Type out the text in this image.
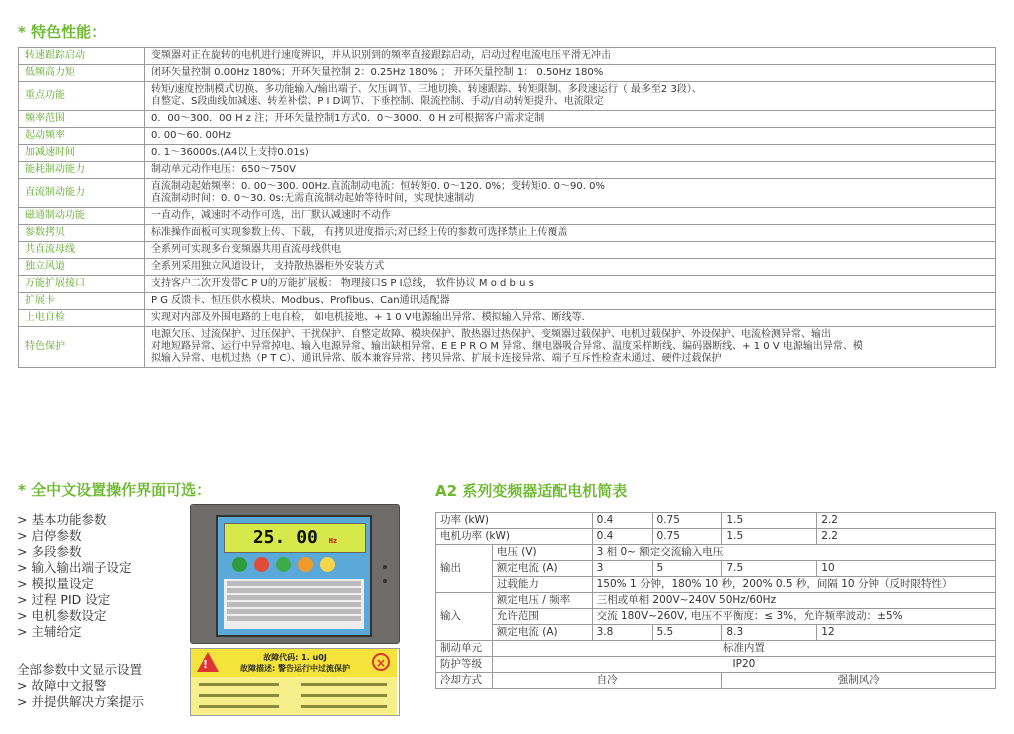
* 特色性能：
转速跟踪启动	变频器对正在旋转的电机进行速度辨识，并从识别到的频率直接跟踪启动，启动过程电流电压平滑无冲击

低频高力矩	闭环矢量控制 0.00Hz 180%；开环矢量控制 2：0.25Hz 180% ； 开环矢量控制 1： 0.50Hz 180%

重点功能	转矩/速度控制模式切换、多功能输入/输出端子、欠压调节、三地切换、转速跟踪、转矩限制、多段速运行（ 最多至2 3段）、
自整定、S段曲线加减速、转差补偿、P I D调节、下垂控制、限流控制、手动/自动转矩提升、电流限定

频率范围	0．00～300．00 H z 注；开环矢量控制1方式0．0～3000．0 H z可根据客户需求定制

起动频率	0. 00～60. 00Hz

加减速时间	0. 1～36000s.(A4以上支持0.01s)

能耗制动能力	制动单元动作电压：650～750V

直流制动能力	直流制动起始频率：0. 00～300. 00Hz.直流制动电流：恒转矩0. 0～120. 0%；变转矩0. 0～90. 0%
直流制动时间：0. 0～30. 0s:无需直流制动起始等待时间，实现快速制动

磁通制动功能	一直动作，减速时不动作可选，出厂默认减速时不动作

参数拷贝	标准操作面板可实现参数上传、下载， 有拷贝进度指示;对已经上传的参数可选择禁止上传覆盖

共直流母线	全系列可实现多台变频器共用直流母线供电

独立风道	全系列采用独立风道设计， 支持散热器柜外安装方式

万能扩展接口	支持客户二次开发带C P U的万能扩展板： 物理接口S P I总线， 软件协议 M o d b u s

扩展卡	P G 反馈卡、恒压供水模块、Modbus、Profibus、Can通讯适配器

上电自检	实现对内部及外围电路的上电自检， 如电机接地、+ 1 0 V电源输出异常、模拟输入异常、断线等.

特色保护	电源欠压、过流保护、过压保护、干扰保护、自整定故障、模块保护、散热器过热保护、变频器过载保护、电机过载保护、外设保护、电流检测异常、输出
对地短路异常、运行中异常掉电、输入电源异常、输出缺相异常、E E P R O M 异常、继电器吸合异常、温度采样断线、编码器断线、+ 1 0 V 电源输出异常、模
拟输入异常、电机过热（P T C）、通讯异常、版本兼容异常、拷贝异常、扩展卡连接异常、端子互斥性检查未通过、硬件过载保护
* 全中文设置操作界面可选：
> 基本功能参数
> 启停参数
> 多段参数
> 输入输出端子设定
> 模拟量设定
> 过程 PID 设定
> 电机参数设定
> 主辅给定
全部参数中文显示设置
> 故障中文报警
> 并提供解决方案提示
25. 00 Hz
!
故障代码: 1. u0J
故障描述: 警告运行中过流保护	×
A2 系列变频器适配电机简表
功率 (kW)		0.4	0.75	1.5	2.2
电机功率 (kW)		0.4	0.75	1.5	2.2
输出	电压 (V)	3 相 0~ 额定交流输入电压			
	额定电流 (A)	3	5	7.5	10
	过载能力	150% 1 分钟，180% 10 秒，200% 0.5 秒，间隔 10 分钟（反时限特性）			
输入	额定电压 / 频率	三相或单相 200V~240V 50Hz/60Hz			
	允许范围	交流 180V~260V, 电压不平衡度：≤ 3%，允许频率波动：±5%			
	额定电流 (A)	3.8	5.5	8.3	12
制动单元	标准内置				
防护等级	IP20				
冷却方式	自冷			强制风冷	
